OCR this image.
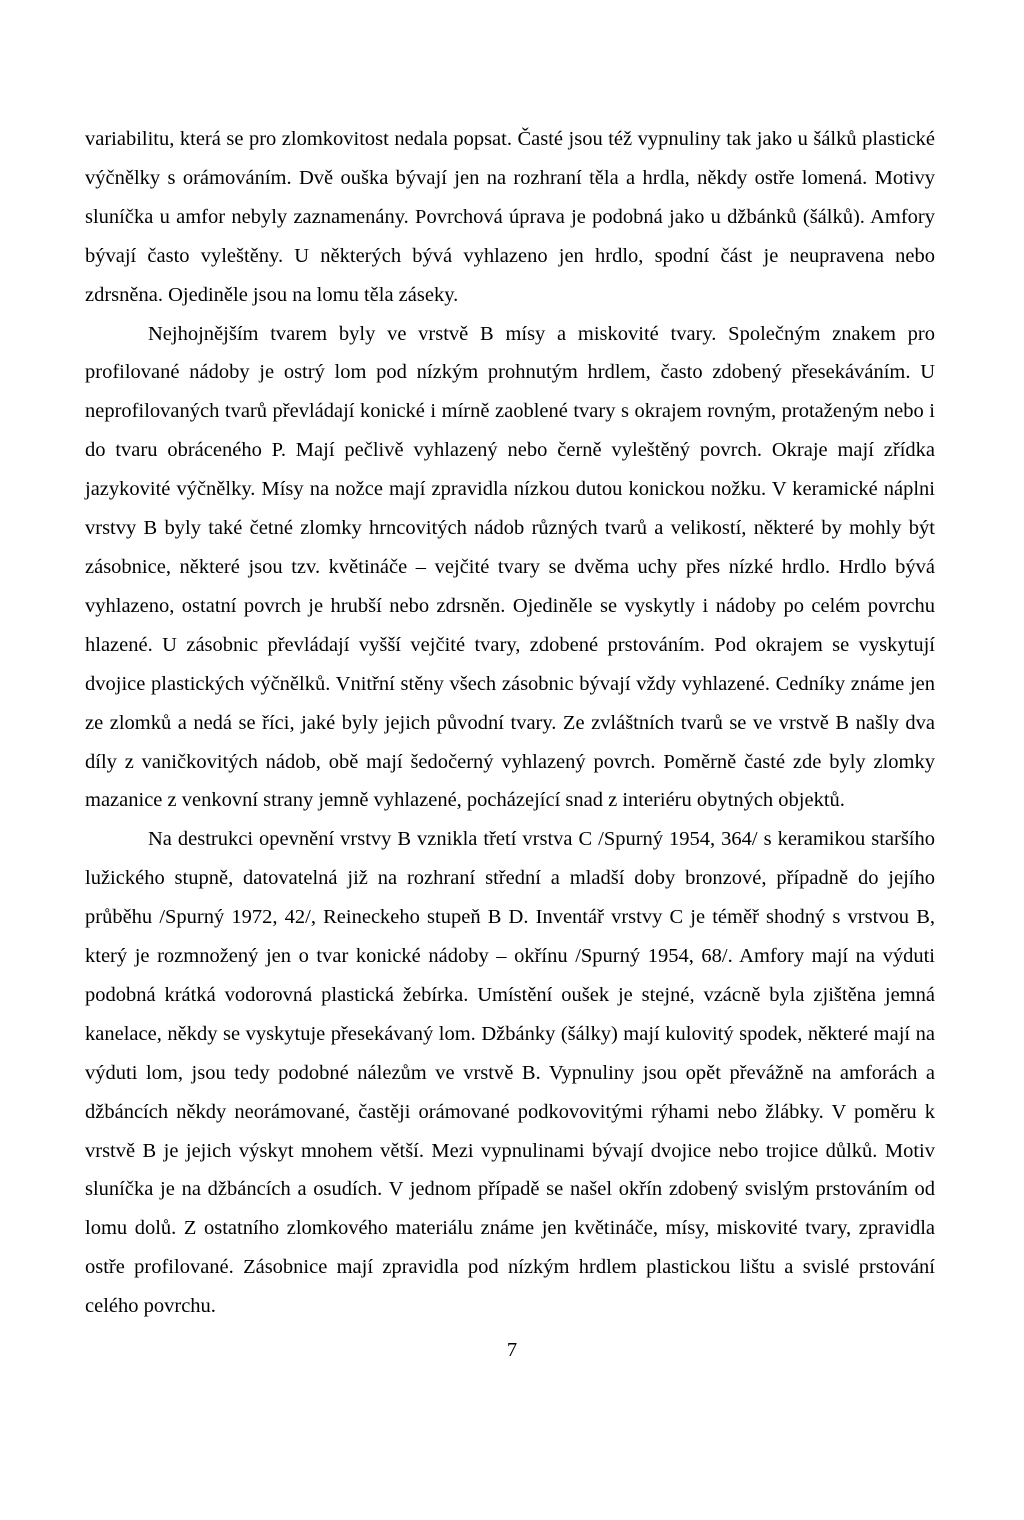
variabilitu, která se pro zlomkovitost nedala popsat. Časté jsou též vypnuliny tak jako u šálků plastické výčnělky s orámováním. Dvě ouška bývají jen na rozhraní těla a hrdla, někdy ostře lomená. Motivy sluníčka u amfor nebyly zaznamenány. Povrchová úprava je podobná jako u džbánků (šálků). Amfory bývají často vyleštěny. U některých bývá vyhlazeno jen hrdlo, spodní část je neupravena nebo zdrsněna. Ojediněle jsou na lomu těla záseky.

Nejhojnějším tvarem byly ve vrstvě B mísy a miskovité tvary. Společným znakem pro profilované nádoby je ostrý lom pod nízkým prohnutým hrdlem, často zdobený přesekáváním. U neprofilovaných tvarů převládají konické i mírně zaoblené tvary s okrajem rovným, protaženým nebo i do tvaru obráceného P. Mají pečlivě vyhlazený nebo černě vyleštěný povrch. Okraje mají zřídka jazykovité výčnělky. Mísy na nožce mají zpravidla nízkou dutou konickou nožku. V keramické náplni vrstvy B byly také četné zlomky hrncovitých nádob různých tvarů a velikostí, některé by mohly být zásobnice, některé jsou tzv. květináče – vejčité tvary se dvěma uchy přes nízké hrdlo. Hrdlo bývá vyhlazeno, ostatní povrch je hrubší nebo zdrsněn. Ojediněle se vyskytly i nádoby po celém povrchu hlazené. U zásobnic převládají vyšší vejčité tvary, zdobené prstováním. Pod okrajem se vyskytují dvojice plastických výčnělků. Vnitřní stěny všech zásobnic bývají vždy vyhlazené. Cedníky známe jen ze zlomků a nedá se říci, jaké byly jejich původní tvary. Ze zvláštních tvarů se ve vrstvě B našly dva díly z vaničkovitých nádob, obě mají šedočerný vyhlazený povrch. Poměrně časté zde byly zlomky mazanice z venkovní strany jemně vyhlazené, pocházející snad z interiéru obytných objektů.

Na destrukci opevnění vrstvy B vznikla třetí vrstva C /Spurný 1954, 364/ s keramikou staršího lužického stupně, datovatelná již na rozhraní střední a mladší doby bronzové, případně do jejího průběhu /Spurný 1972, 42/, Reineckeho stupeň B D. Inventář vrstvy C je téměř shodný s vrstvou B, který je rozmnožený jen o tvar konické nádoby – okřínu /Spurný 1954, 68/. Amfory mají na výduti podobná krátká vodorovná plastická žebírka. Umístění oušek je stejné, vzácně byla zjištěna jemná kanelace, někdy se vyskytuje přesekávaný lom. Džbánky (šálky) mají kulovitý spodek, některé mají na výduti lom, jsou tedy podobné nálezům ve vrstvě B. Vypnuliny jsou opět převážně na amforách a džbáncích někdy neorámované, častěji orámované podkovovitými rýhami nebo žlábky. V poměru k vrstvě B je jejich výskyt mnohem větší. Mezi vypnulinami bývají dvojice nebo trojice důlků. Motiv sluníčka je na džbáncích a osudích. V jednom případě se našel okřín zdobený svislým prstováním od lomu dolů. Z ostatního zlomkového materiálu známe jen květináče, mísy, miskovité tvary, zpravidla ostře profilované. Zásobnice mají zpravidla pod nízkým hrdlem plastickou lištu a svislé prstování celého povrchu.

7
